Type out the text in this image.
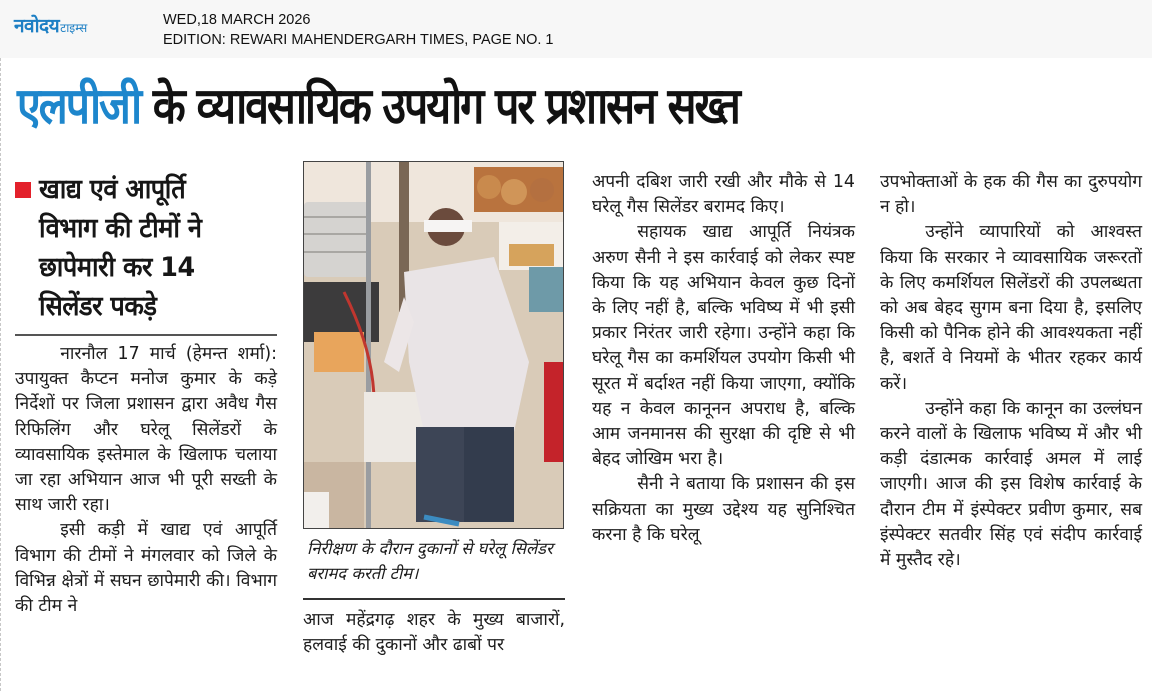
नवोदय टाइम्स	WED,18 MARCH 2026
EDITION: REWARI MAHENDERGARH TIMES, PAGE NO. 1
एलपीजी के व्यावसायिक उपयोग पर प्रशासन सख्त
खाद्य एवं आपूर्ति
विभाग की टीमों ने
छापेमारी कर 14
सिलेंडर पकड़े

नारनौल 17 मार्च (हेमन्त शर्मा): उपायुक्त कैप्टन मनोज कुमार के कड़े निर्देशों पर जिला प्रशासन द्वारा अवैध गैस रिफिलिंग और घरेलू सिलेंडरों के व्यावसायिक इस्तेमाल के खिलाफ चलाया जा रहा अभियान आज भी पूरी सख्ती के साथ जारी रहा।

इसी कड़ी में खाद्य एवं आपूर्ति विभाग की टीमों ने मंगलवार को जिले के विभिन्न क्षेत्रों में सघन छापेमारी की। विभाग की टीम ने

निरीक्षण के दौरान दुकानों से घरेलू सिलेंडर बरामद करती टीम।

आज महेंद्रगढ़ शहर के मुख्य बाजारों, हलवाई की दुकानों और ढाबों पर

अपनी दबिश जारी रखी और मौके से 14 घरेलू गैस सिलेंडर बरामद किए।

सहायक खाद्य आपूर्ति नियंत्रक अरुण सैनी ने इस कार्रवाई को लेकर स्पष्ट किया कि यह अभियान केवल कुछ दिनों के लिए नहीं है, बल्कि भविष्य में भी इसी प्रकार निरंतर जारी रहेगा। उन्होंने कहा कि घरेलू गैस का कमर्शियल उपयोग किसी भी सूरत में बर्दाश्त नहीं किया जाएगा, क्योंकि यह न केवल कानूनन अपराध है, बल्कि आम जनमानस की सुरक्षा की दृष्टि से भी बेहद जोखिम भरा है।

सैनी ने बताया कि प्रशासन की इस सक्रियता का मुख्य उद्देश्य यह सुनिश्चित करना है कि घरेलू

उपभोक्ताओं के हक की गैस का दुरुपयोग न हो।

उन्होंने व्यापारियों को आश्वस्त किया कि सरकार ने व्यावसायिक जरूरतों के लिए कमर्शियल सिलेंडरों की उपलब्धता को अब बेहद सुगम बना दिया है, इसलिए किसी को पैनिक होने की आवश्यकता नहीं है, बशर्ते वे नियमों के भीतर रहकर कार्य करें।

उन्होंने कहा कि कानून का उल्लंघन करने वालों के खिलाफ भविष्य में और भी कड़ी दंडात्मक कार्रवाई अमल में लाई जाएगी। आज की इस विशेष कार्रवाई के दौरान टीम में इंस्पेक्टर प्रवीण कुमार, सब इंस्पेक्टर सतवीर सिंह एवं संदीप कार्रवाई में मुस्तैद रहे।
